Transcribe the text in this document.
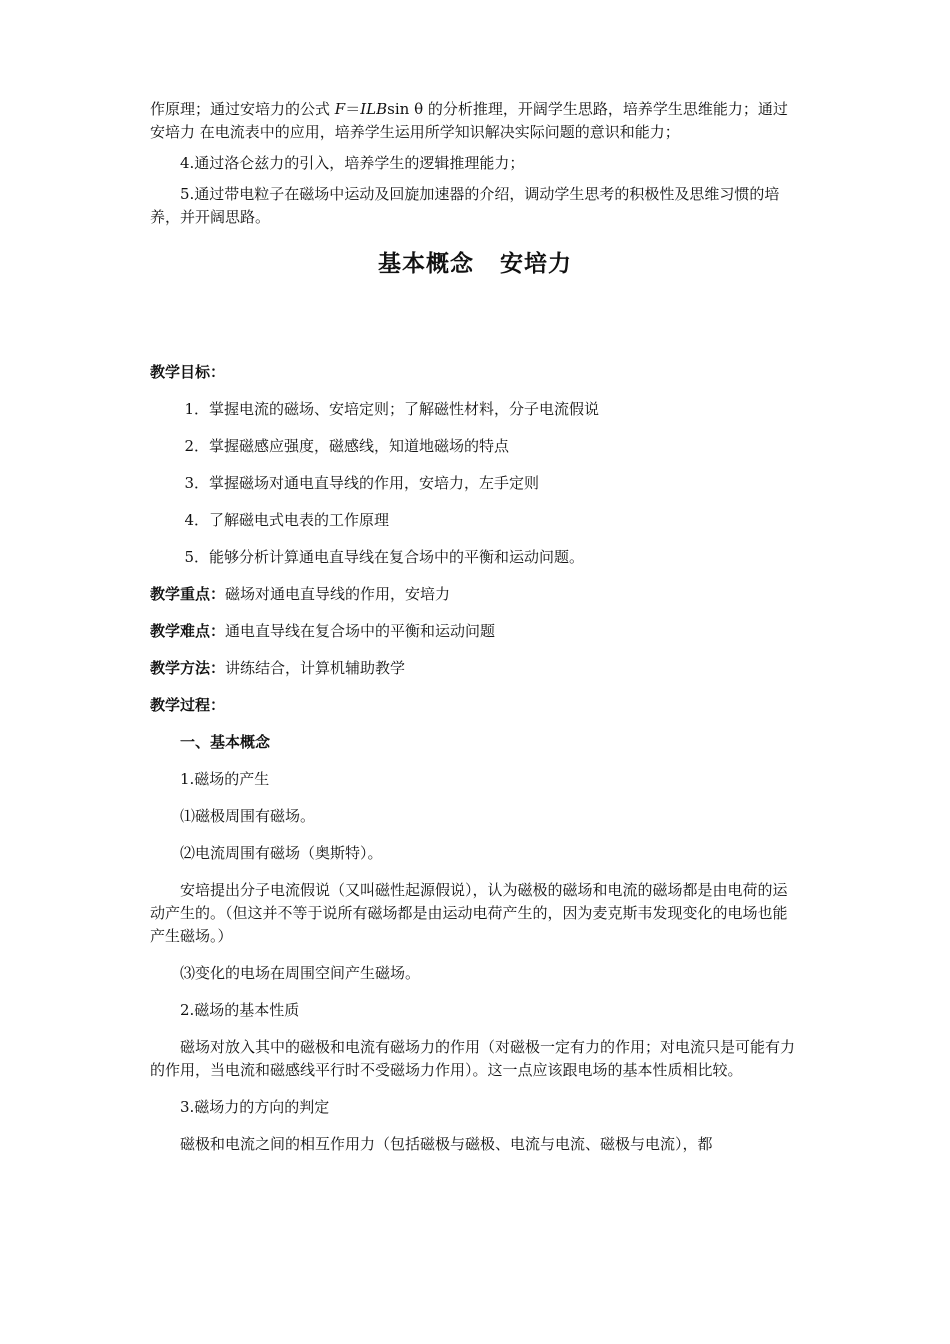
作原理；通过安培力的公式 F＝ILBsin θ 的分析推理，开阔学生思路，培养学生思维能力；通过安培力 在电流表中的应用，培养学生运用所学知识解决实际问题的意识和能力；

4.通过洛仑兹力的引入，培养学生的逻辑推理能力；

5.通过带电粒子在磁场中运动及回旋加速器的介绍，调动学生思考的积极性及思维习惯的培养，并开阔思路。

基本概念 安培力

教学目标：

1．掌握电流的磁场、安培定则；了解磁性材料，分子电流假说

2．掌握磁感应强度，磁感线，知道地磁场的特点

3．掌握磁场对通电直导线的作用，安培力，左手定则

4．了解磁电式电表的工作原理

5．能够分析计算通电直导线在复合场中的平衡和运动问题。

教学重点：磁场对通电直导线的作用，安培力

教学难点：通电直导线在复合场中的平衡和运动问题

教学方法：讲练结合，计算机辅助教学

教学过程：

一、基本概念

1.磁场的产生

⑴磁极周围有磁场。

⑵电流周围有磁场（奥斯特）。

安培提出分子电流假说（又叫磁性起源假说），认为磁极的磁场和电流的磁场都是由电荷的运动产生的。（但这并不等于说所有磁场都是由运动电荷产生的，因为麦克斯韦发现变化的电场也能产生磁场。）

⑶变化的电场在周围空间产生磁场。

2.磁场的基本性质

磁场对放入其中的磁极和电流有磁场力的作用（对磁极一定有力的作用；对电流只是可能有力的作用，当电流和磁感线平行时不受磁场力作用）。这一点应该跟电场的基本性质相比较。

3.磁场力的方向的判定

磁极和电流之间的相互作用力（包括磁极与磁极、电流与电流、磁极与电流），都
